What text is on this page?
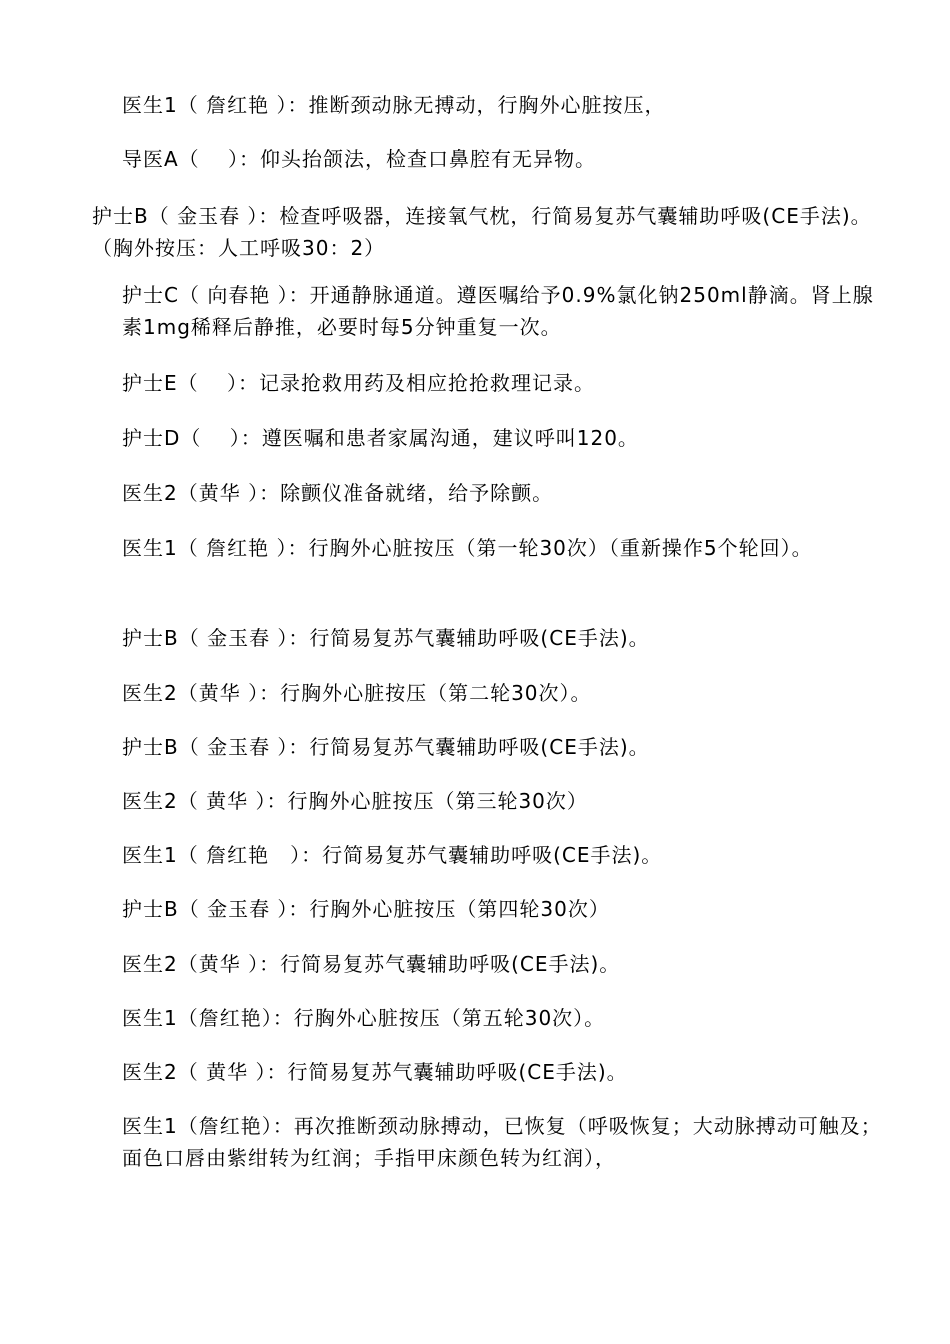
医生1（ 詹红艳 ）：推断颈动脉无搏动，行胸外心脏按压，

导医A（　 ）：仰头抬颌法，检查口鼻腔有无异物。

护士B（ 金玉春 ）：检查呼吸器，连接氧气枕，行简易复苏气囊辅助呼吸(CE手法)。（胸外按压：人工呼吸30：2）

护士C（ 向春艳 ）：开通静脉通道。遵医嘱给予0.9%氯化钠250ml静滴。肾上腺素1mg稀释后静推，必要时每5分钟重复一次。

护士E（　 ）：记录抢救用药及相应抢抢救理记录。

护士D（　 ）：遵医嘱和患者家属沟通，建议呼叫120。

医生2（黄华 ）：除颤仪准备就绪，给予除颤。

医生1（ 詹红艳 ）：行胸外心脏按压（第一轮30次）（重新操作5个轮回）。

护士B（ 金玉春 ）：行简易复苏气囊辅助呼吸(CE手法)。

医生2（黄华 ）：行胸外心脏按压（第二轮30次）。

护士B（ 金玉春 ）：行简易复苏气囊辅助呼吸(CE手法)。

医生2（ 黄华 ）：行胸外心脏按压（第三轮30次）

医生1（ 詹红艳　）：行简易复苏气囊辅助呼吸(CE手法)。

护士B（ 金玉春 ）：行胸外心脏按压（第四轮30次）

医生2（黄华 ）：行简易复苏气囊辅助呼吸(CE手法)。

医生1（詹红艳）：行胸外心脏按压（第五轮30次）。

医生2（ 黄华 ）：行简易复苏气囊辅助呼吸(CE手法)。

医生1（詹红艳）：再次推断颈动脉搏动，已恢复（呼吸恢复；大动脉搏动可触及；面色口唇由紫绀转为红润；手指甲床颜色转为红润），
